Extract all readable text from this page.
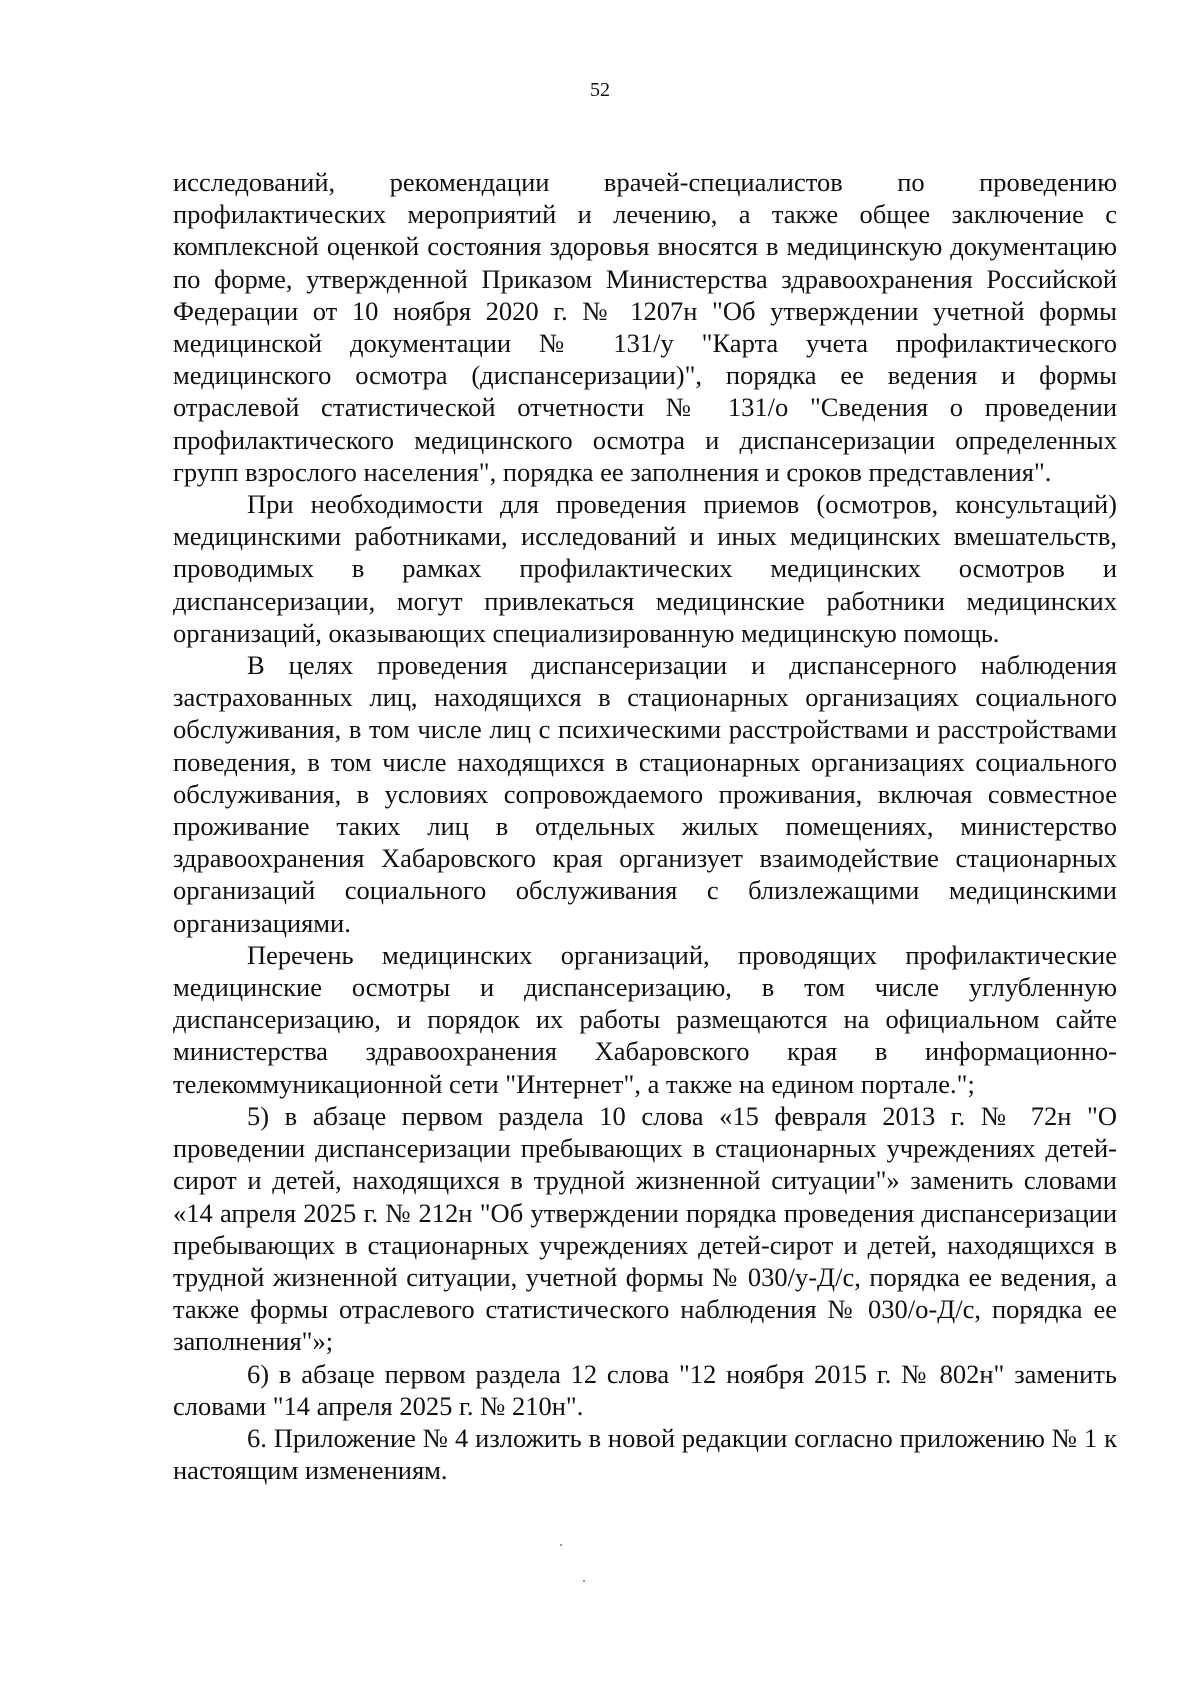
52

исследований, рекомендации врачей-специалистов по проведению профилактических мероприятий и лечению, а также общее заключение с комплексной оценкой состояния здоровья вносятся в медицинскую документацию по форме, утвержденной Приказом Министерства здравоохранения Российской Федерации от 10 ноября 2020 г. № 1207н "Об утверждении учетной формы медицинской документации № 131/у "Карта учета профилактического медицинского осмотра (диспансеризации)", порядка ее ведения и формы отраслевой статистической отчетности № 131/о "Сведения о проведении профилактического медицинского осмотра и диспансеризации определенных групп взрослого населения", порядка ее заполнения и сроков представления".

При необходимости для проведения приемов (осмотров, консультаций) медицинскими работниками, исследований и иных медицинских вмешательств, проводимых в рамках профилактических медицинских осмотров и диспансеризации, могут привлекаться медицинские работники медицинских организаций, оказывающих специализированную медицинскую помощь.

В целях проведения диспансеризации и диспансерного наблюдения застрахованных лиц, находящихся в стационарных организациях социального обслуживания, в том числе лиц с психическими расстройствами и расстройствами поведения, в том числе находящихся в стационарных организациях социального обслуживания, в условиях сопровождаемого проживания, включая совместное проживание таких лиц в отдельных жилых помещениях, министерство здравоохранения Хабаровского края организует взаимодействие стационарных организаций социального обслуживания с близлежащими медицинскими организациями.

Перечень медицинских организаций, проводящих профилактические медицинские осмотры и диспансеризацию, в том числе углубленную диспансеризацию, и порядок их работы размещаются на официальном сайте министерства здравоохранения Хабаровского края в информационно-телекоммуникационной сети "Интернет", а также на едином портале.";

5) в абзаце первом раздела 10 слова «15 февраля 2013 г. № 72н "О проведении диспансеризации пребывающих в стационарных учреждениях детей-сирот и детей, находящихся в трудной жизненной ситуации"» заменить словами «14 апреля 2025 г. № 212н "Об утверждении порядка проведения диспансеризации пребывающих в стационарных учреждениях детей-сирот и детей, находящихся в трудной жизненной ситуации, учетной формы № 030/у-Д/с, порядка ее ведения, а также формы отраслевого статистического наблюдения № 030/о-Д/с, порядка ее заполнения"»;

6) в абзаце первом раздела 12 слова "12 ноября 2015 г. № 802н" заменить словами "14 апреля 2025 г. № 210н".

6. Приложение № 4 изложить в новой редакции согласно приложению № 1 к настоящим изменениям.
